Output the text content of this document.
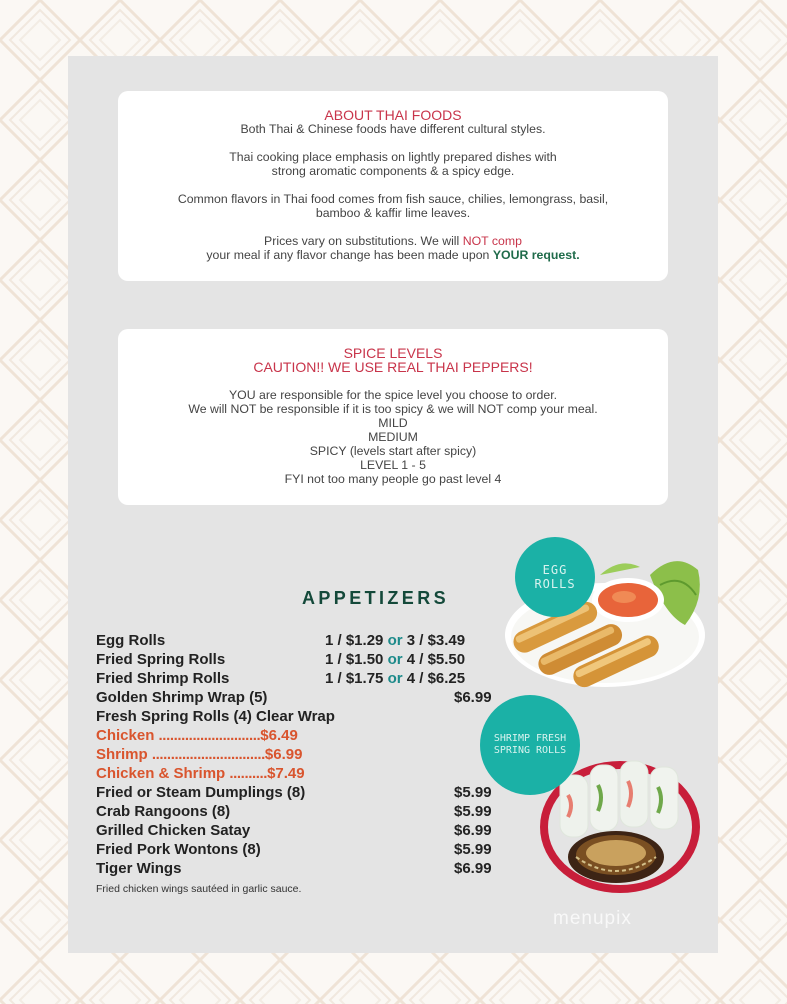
ABOUT THAI FOODS

Both Thai & Chinese foods have different cultural styles.

Thai cooking place emphasis on lightly prepared dishes with

strong aromatic components & a spicy edge.

Common flavors in Thai food comes from fish sauce, chilies, lemongrass, basil,

bamboo & kaffir lime leaves.

Prices vary on substitutions. We will NOT comp

your meal if any flavor change has been made upon YOUR request.

SPICE LEVELS

CAUTION!! WE USE REAL THAI PEPPERS!

YOU are responsible for the spice level you choose to order.

We will NOT be responsible if it is too spicy & we will NOT comp your meal.

MILD

MEDIUM

SPICY (levels start after spicy)

LEVEL 1 - 5

FYI not too many people go past level 4

EGG
ROLLS
SHRIMP FRESH
SPRING ROLLS
APPETIZERS
Egg Rolls	1 / $1.29 or 3 / $3.49
Fried Spring Rolls	1 / $1.50 or 4 / $5.50
Fried Shrimp Rolls	1 / $1.75 or 4 / $6.25
Golden Shrimp Wrap (5)	$6.99
Fresh Spring Rolls (4) Clear Wrap
Chicken ...........................$6.49
Shrimp ..............................$6.99
Chicken & Shrimp ..........$7.49
Fried or Steam Dumplings (8)	$5.99
Crab Rangoons (8)	$5.99
Grilled Chicken Satay	$6.99
Fried Pork Wontons (8)	$5.99
Tiger Wings	$6.99

Fried chicken wings sautéed in garlic sauce.

menupix
